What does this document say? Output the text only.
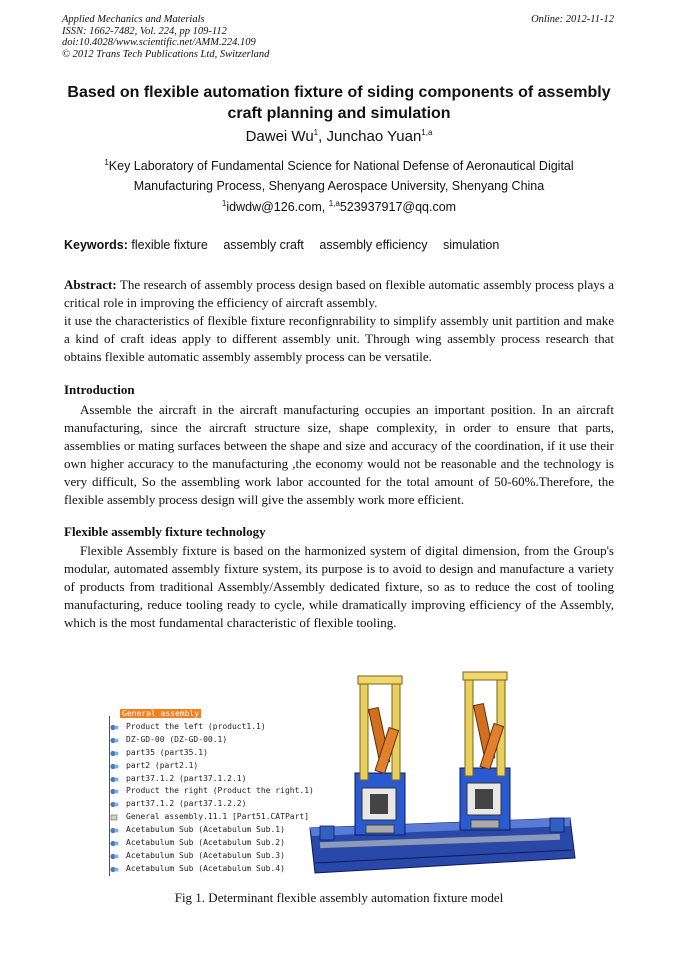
Applied Mechanics and Materials
ISSN: 1662-7482, Vol. 224, pp 109-112
doi:10.4028/www.scientific.net/AMM.224.109
© 2012 Trans Tech Publications Ltd, Switzerland
Online: 2012-11-12
Based on flexible automation fixture of siding components of assembly
craft planning and simulation
Dawei Wu$^1$, Junchao Yuan$^{1,a}$
$^1$Key Laboratory of Fundamental Science for National Defense of Aeronautical Digital
Manufacturing Process, Shenyang Aerospace University, Shenyang China
$^1$idwdw@126.com, $^{1,a}$523937917@qq.com
Keywords: flexible fixture assembly craft assembly efficiency simulation

Abstract: The research of assembly process design based on flexible automatic assembly process plays a critical role in improving the efficiency of aircraft assembly.

it use the characteristics of flexible fixture reconfignrability to simplify assembly unit partition and make a kind of craft ideas apply to different assembly unit. Through wing assembly process research that obtains flexible automatic assembly assembly process can be versatile.

Introduction

Assemble the aircraft in the aircraft manufacturing occupies an important position. In an aircraft manufacturing, since the aircraft structure size, shape complexity, in order to ensure that parts, assemblies or mating surfaces between the shape and size and accuracy of the coordination, if it use their own higher accuracy to the manufacturing ,the economy would not be reasonable and the technology is very difficult, So the assembling work labor accounted for the total amount of 50-60%.Therefore, the flexible assembly process design will give the assembly work more efficient.

Flexible assembly fixture technology

Flexible Assembly fixture is based on the harmonized system of digital dimension, from the Group's modular, automated assembly fixture system, its purpose is to avoid to design and manufacture a variety of products from traditional Assembly/Assembly dedicated fixture, so as to reduce the cost of tooling manufacturing, reduce tooling ready to cycle, while dramatically improving efficiency of the Assembly, which is the most fundamental characteristic of flexible tooling.

General assembly
Product the left (product1.1)
DZ-GD-00 (DZ-GD-00.1)
part35 (part35.1)
part2 (part2.1)
part37.1.2 (part37.1.2.1)
Product the right (Product the right.1)
part37.1.2 (part37.1.2.2)
General assembly.11.1 [Part51.CATPart]
Acetabulum Sub (Acetabulum Sub.1)
Acetabulum Sub (Acetabulum Sub.2)
Acetabulum Sub (Acetabulum Sub.3)
Acetabulum Sub (Acetabulum Sub.4)
Fig 1. Determinant flexible assembly automation fixture model
